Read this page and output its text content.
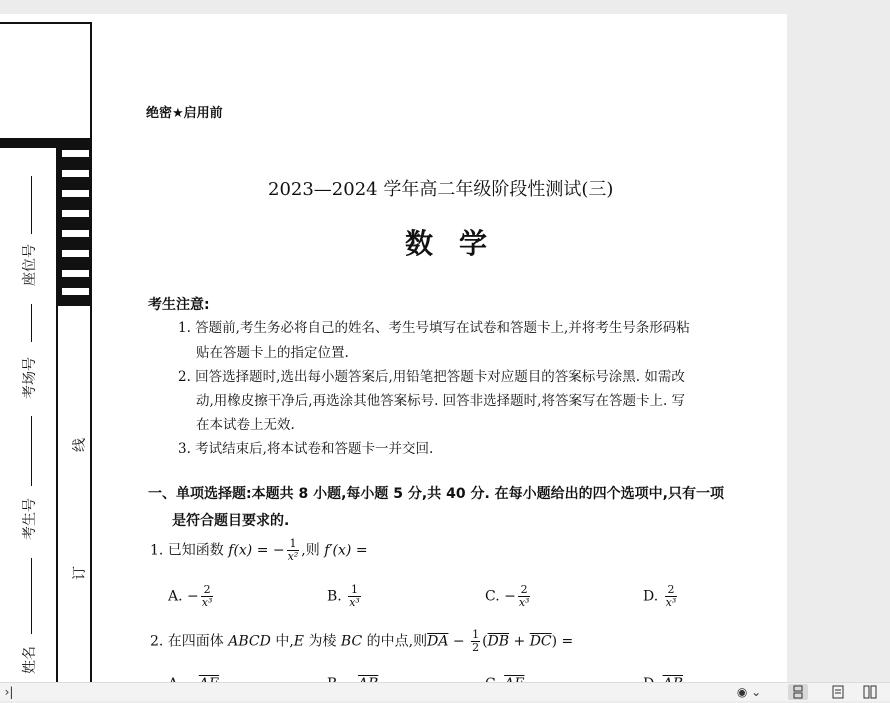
座位号
考场号
考生号
姓名
线
订
绝密★启用前
2023—2024 学年高二年级阶段性测试(三)
数学
考生注意:
1. 答题前,考生务必将自己的姓名、考生号填写在试卷和答题卡上,并将考生号条形码粘
贴在答题卡上的指定位置.
2. 回答选择题时,选出每小题答案后,用铅笔把答题卡对应题目的答案标号涂黑. 如需改
动,用橡皮擦干净后,再选涂其他答案标号. 回答非选择题时,将答案写在答题卡上. 写
在本试卷上无效.
3. 考试结束后,将本试卷和答题卡一并交回.
一、单项选择题:本题共 8 小题,每小题 5 分,共 40 分. 在每小题给出的四个选项中,只有一项
是符合题目要求的.
1. 已知函数 f(x) = − $\frac{1}{\text{x²}}$ ,则 f′(x) =
A. − $\frac{2}{\text{x³}}$	B. $\frac{1}{\text{x³}}$	C. − $\frac{2}{\text{x³}}$	D. $\frac{2}{\text{x³}}$
2. 在四面体 ABCD 中,E 为棱 BC 的中点,则$\overline{DA} - \frac{1}{2} (\overline{DB} + \overline{DC})$ =
›|	◉ ⌄
